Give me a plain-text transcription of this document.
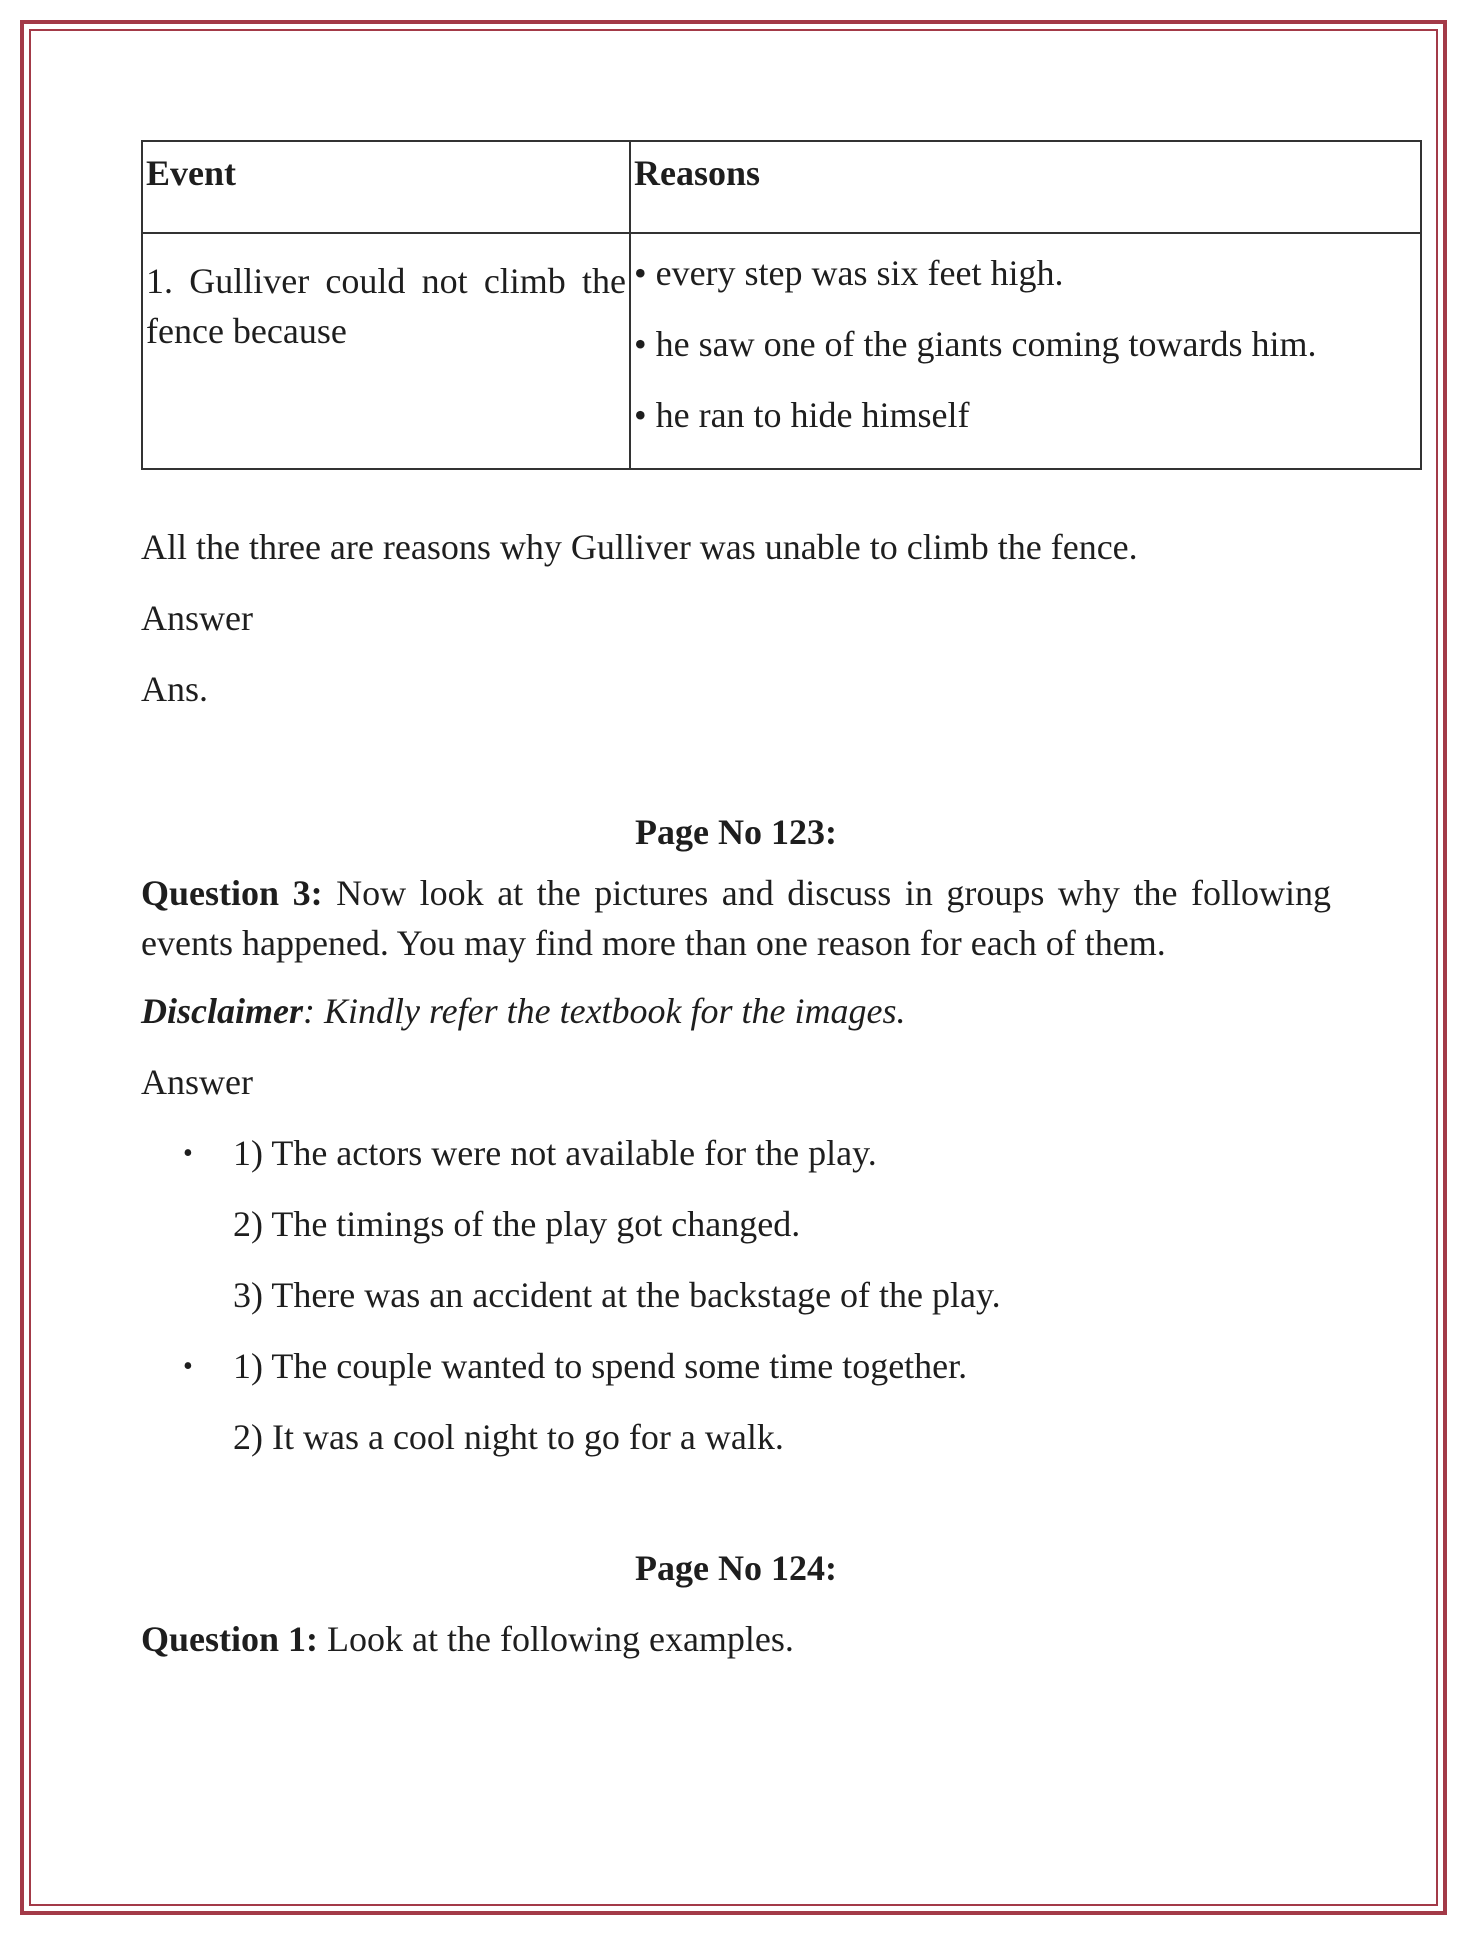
Event	Reasons
1. Gulliver could not climb the fence because	• every step was six feet high.
• he saw one of the giants coming towards him.
• he ran to hide himself

All the three are reasons why Gulliver was unable to climb the fence.

Answer

Ans.

Page No 123:

Question 3: Now look at the pictures and discuss in groups why the following events happened. You may find more than one reason for each of them.

Disclaimer: Kindly refer the textbook for the images.

Answer

• 1) The actors were not available for the play.
2) The timings of the play got changed.
3) There was an accident at the backstage of the play.
• 1) The couple wanted to spend some time together.
2) It was a cool night to go for a walk.
Page No 124:

Question 1: Look at the following examples.
